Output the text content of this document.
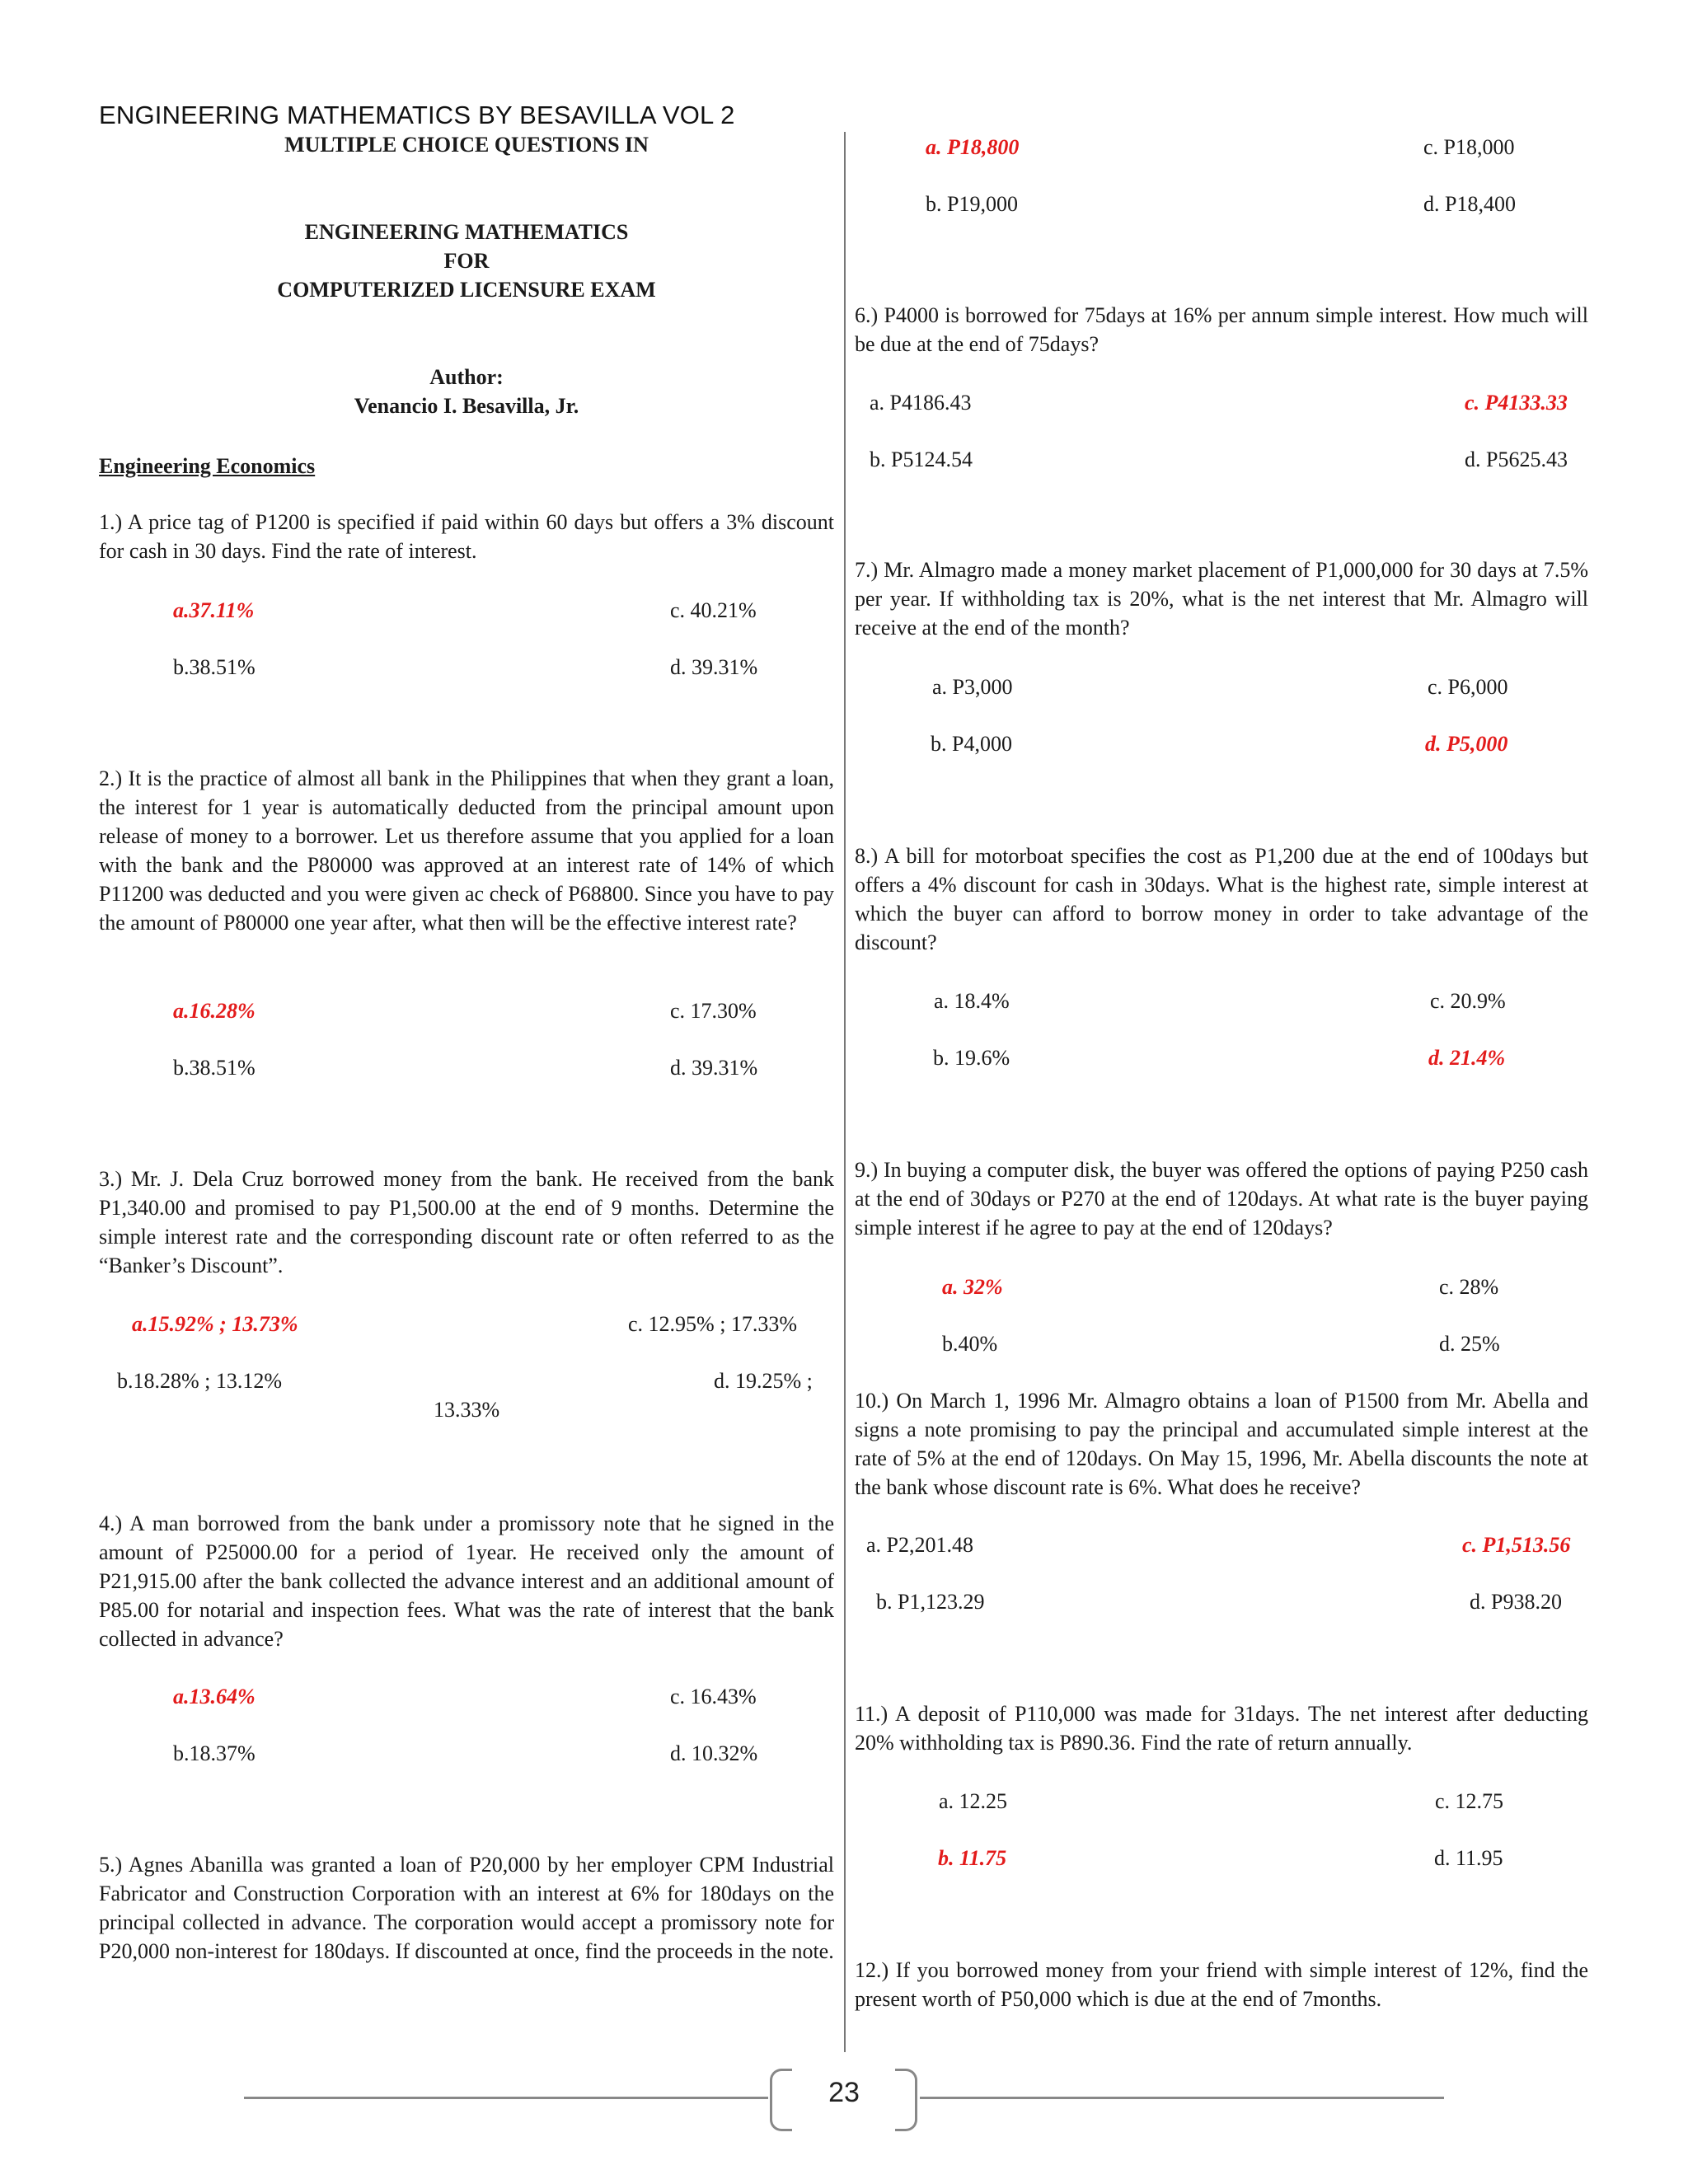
ENGINEERING MATHEMATICS BY BESAVILLA VOL 2
MULTIPLE CHOICE QUESTIONS IN
ENGINEERING MATHEMATICS
FOR
COMPUTERIZED LICENSURE EXAM
Author:
Venancio I. Besavilla, Jr.
Engineering Economics
1.) A price tag of P1200 is specified if paid within 60 days but offers a 3% discount for cash in 30 days. Find the rate of interest.
a.37.11%	c. 40.21%
b.38.51%	d. 39.31%
2.) It is the practice of almost all bank in the Philippines that when they grant a loan, the interest for 1 year is automatically deducted from the principal amount upon release of money to a borrower. Let us therefore assume that you applied for a loan with the bank and the P80000 was approved at an interest rate of 14% of which P11200 was deducted and you were given ac check of P68800. Since you have to pay the amount of P80000 one year after, what then will be the effective interest rate?
a.16.28%	c. 17.30%
b.38.51%	d. 39.31%
3.) Mr. J. Dela Cruz borrowed money from the bank. He received from the bank P1,340.00 and promised to pay P1,500.00 at the end of 9 months. Determine the simple interest rate and the corresponding discount rate or often referred to as the “Banker’s Discount”.
a.15.92% ; 13.73%	c. 12.95% ; 17.33%
b.18.28% ; 13.12%	d. 19.25% ;
13.33%
4.) A man borrowed from the bank under a promissory note that he signed in the amount of P25000.00 for a period of 1year. He received only the amount of P21,915.00 after the bank collected the advance interest and an additional amount of P85.00 for notarial and inspection fees. What was the rate of interest that the bank collected in advance?
a.13.64%	c. 16.43%
b.18.37%	d. 10.32%
5.) Agnes Abanilla was granted a loan of P20,000 by her employer CPM Industrial Fabricator and Construction Corporation with an interest at 6% for 180days on the principal collected in advance. The corporation would accept a promissory note for P20,000 non-interest for 180days. If discounted at once, find the proceeds in the note.
a. P18,800	c. P18,000
b. P19,000	d. P18,400
6.) P4000 is borrowed for 75days at 16% per annum simple interest. How much will be due at the end of 75days?
a. P4186.43	c. P4133.33
b. P5124.54	d. P5625.43
7.) Mr. Almagro made a money market placement of P1,000,000 for 30 days at 7.5% per year. If withholding tax is 20%, what is the net interest that Mr. Almagro will receive at the end of the month?
a. P3,000	c. P6,000
b. P4,000	d. P5,000
8.) A bill for motorboat specifies the cost as P1,200 due at the end of 100days but offers a 4% discount for cash in 30days. What is the highest rate, simple interest at which the buyer can afford to borrow money in order to take advantage of the discount?
a. 18.4%	c. 20.9%
b. 19.6%	d. 21.4%
9.) In buying a computer disk, the buyer was offered the options of paying P250 cash at the end of 30days or P270 at the end of 120days. At what rate is the buyer paying simple interest if he agree to pay at the end of 120days?
a. 32%	c. 28%
b.40%	d. 25%
10.) On March 1, 1996 Mr. Almagro obtains a loan of P1500 from Mr. Abella and signs a note promising to pay the principal and accumulated simple interest at the rate of 5% at the end of 120days. On May 15, 1996, Mr. Abella discounts the note at the bank whose discount rate is 6%. What does he receive?
a. P2,201.48	c. P1,513.56
b. P1,123.29	d. P938.20
11.) A deposit of P110,000 was made for 31days. The net interest after deducting 20% withholding tax is P890.36. Find the rate of return annually.
a. 12.25	c. 12.75
b. 11.75	d. 11.95
12.) If you borrowed money from your friend with simple interest of 12%, find the present worth of P50,000 which is due at the end of 7months.
23
